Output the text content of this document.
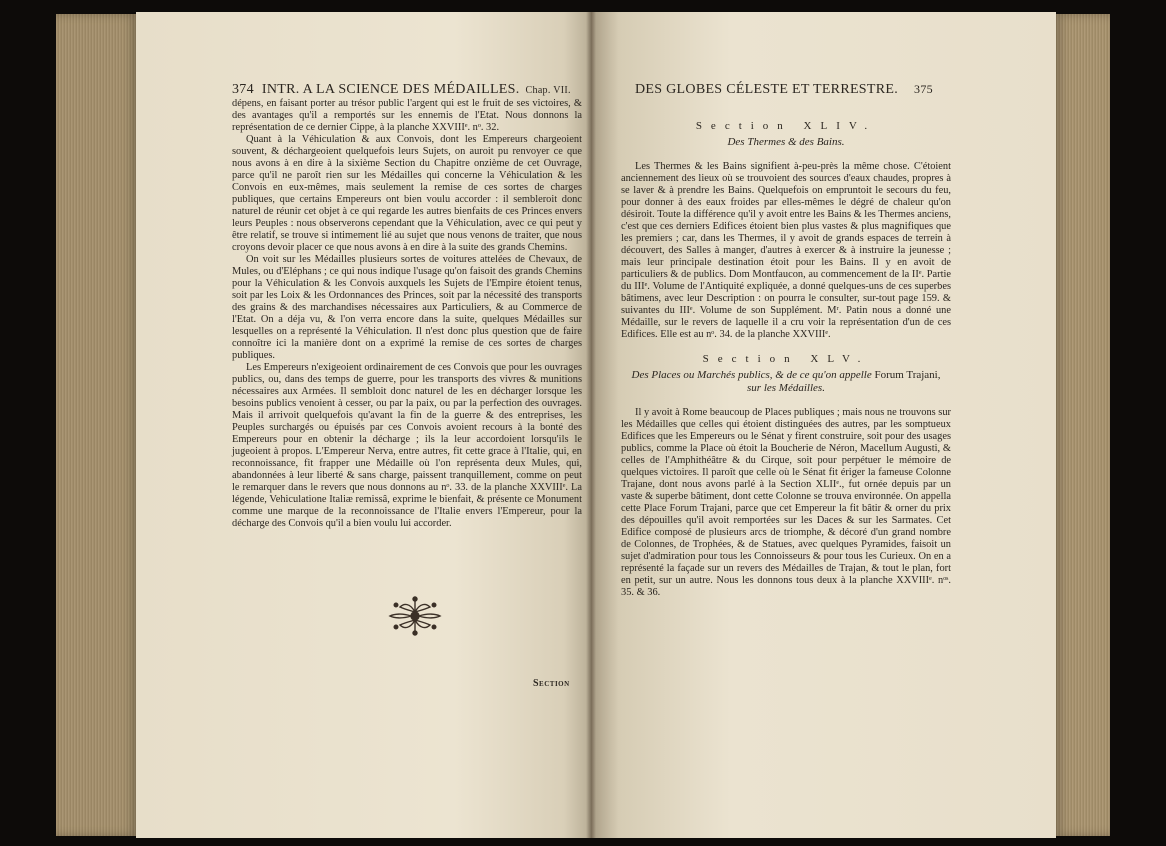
374 INTR. A LA SCIENCE DES MÉDAILLES. Chap. VII.

dépens, en faisant porter au trésor public l'argent qui est le fruit de ses victoires, & des avantages qu'il a remportés sur les ennemis de l'Etat. Nous donnons la représentation de ce dernier Cippe, à la planche XXVIIIᵉ. nᵒ. 32.

Quant à la Véhiculation & aux Convois, dont les Empereurs chargeoient souvent, & déchargeoient quelquefois leurs Sujets, on auroit pu renvoyer ce que nous avons à en dire à la sixième Section du Chapitre onzième de cet Ouvrage, parce qu'il ne paroît rien sur les Médailles qui concerne la Véhiculation & les Convois en eux-mêmes, mais seulement la remise de ces sortes de charges publiques, que certains Empereurs ont bien voulu accorder : il sembleroit donc naturel de réunir cet objet à ce qui regarde les autres bienfaits de ces Princes envers leurs Peuples : nous observerons cependant que la Véhiculation, avec ce qui peut y être relatif, se trouve si intimement lié au sujet que nous venons de traiter, que nous croyons devoir placer ce que nous avons à en dire à la suite des grands Chemins.

On voit sur les Médailles plusieurs sortes de voitures attelées de Chevaux, de Mules, ou d'Eléphans ; ce qui nous indique l'usage qu'on faisoit des grands Chemins pour la Véhiculation & les Convois auxquels les Sujets de l'Empire étoient tenus, soit par les Loix & les Ordonnances des Princes, soit par la nécessité des transports des grains & des marchandises nécessaires aux Particuliers, & au Commerce de l'Etat. On a déja vu, & l'on verra encore dans la suite, quelques Médailles sur lesquelles on a représenté la Véhiculation. Il n'est donc plus question que de faire connoître ici la manière dont on a exprimé la remise de ces sortes de charges publiques.

Les Empereurs n'exigeoient ordinairement de ces Convois que pour les ouvrages publics, ou, dans des temps de guerre, pour les transports des vivres & munitions nécessaires aux Armées. Il sembloit donc naturel de les en décharger lorsque les besoins publics venoient à cesser, ou par la paix, ou par la perfection des ouvrages. Mais il arrivoit quelquefois qu'avant la fin de la guerre & des entreprises, les Peuples surchargés ou épuisés par ces Convois avoient recours à la bonté des Empereurs pour en obtenir la décharge ; ils la leur accordoient lorsqu'ils le jugeoient à propos. L'Empereur Nerva, entre autres, fit cette grace à l'Italie, qui, en reconnoissance, fit frapper une Médaille où l'on représenta deux Mules, qui, abandonnées à leur liberté & sans charge, paissent tranquillement, comme on peut le remarquer dans le revers que nous donnons au nᵒ. 33. de la planche XXVIIIᵉ. La légende, Vehiculatione Italiæ remissâ, exprime le bienfait, & présente ce Monument comme une marque de la reconnoissance de l'Italie envers l'Empereur, pour la décharge des Convois qu'il a bien voulu lui accorder.

Section
DES GLOBES CÉLESTE ET TERRESTRE. 375
Section XLIV.
Des Thermes & des Bains.

Les Thermes & les Bains signifient à-peu-près la même chose. C'étoient anciennement des lieux où se trouvoient des sources d'eaux chaudes, propres à se laver & à prendre les Bains. Quelquefois on empruntoit le secours du feu, pour donner à des eaux froides par elles-mêmes le dégré de chaleur qu'on désiroit. Toute la différence qu'il y avoit entre les Bains & les Thermes anciens, c'est que ces derniers Edifices étoient bien plus vastes & plus magnifiques que les premiers ; car, dans les Thermes, il y avoit de grands espaces de terrein à découvert, des Salles à manger, d'autres à exercer & à instruire la jeunesse ; mais leur principale destination étoit pour les Bains. Il y en avoit de particuliers & de publics. Dom Montfaucon, au commencement de la IIᵉ. Partie du IIIᵉ. Volume de l'Antiquité expliquée, a donné quelques-uns de ces superbes bâtimens, avec leur Description : on pourra le consulter, sur-tout page 159. & suivantes du IIIᵉ. Volume de son Supplément. Mʳ. Patin nous a donné une Médaille, sur le revers de laquelle il a cru voir la représentation d'un de ces Edifices. Elle est au nᵒ. 34. de la planche XXVIIIᵉ.

Section XLV.
Des Places ou Marchés publics, & de ce qu'on appelle Forum Trajani,
sur les Médailles.

Il y avoit à Rome beaucoup de Places publiques ; mais nous ne trouvons sur les Médailles que celles qui étoient distinguées des autres, par les somptueux Edifices que les Empereurs ou le Sénat y firent construire, soit pour des usages publics, comme la Place où étoit la Boucherie de Néron, Macellum Augusti, & celles de l'Amphithéâtre & du Cirque, soit pour perpétuer le mémoire de quelques victoires. Il paroît que celle où le Sénat fit ériger la fameuse Colonne Trajane, dont nous avons parlé à la Section XLIIᵉ., fut ornée depuis par un vaste & superbe bâtiment, dont cette Colonne se trouva environnée. On appella cette Place Forum Trajani, parce que cet Empereur la fit bâtir & orner du prix des dépouilles qu'il avoit remportées sur les Daces & sur les Sarmates. Cet Edifice composé de plusieurs arcs de triomphe, & décoré d'un grand nombre de Colonnes, de Trophées, & de Statues, avec quelques Pyramides, faisoit un sujet d'admiration pour tous les Connoisseurs & pour tous les Curieux. On en a représenté la façade sur un revers des Médailles de Trajan, & tout le plan, fort en petit, sur un autre. Nous les donnons tous deux à la planche XXVIIIᵉ. nᵒˢ. 35. & 36.
